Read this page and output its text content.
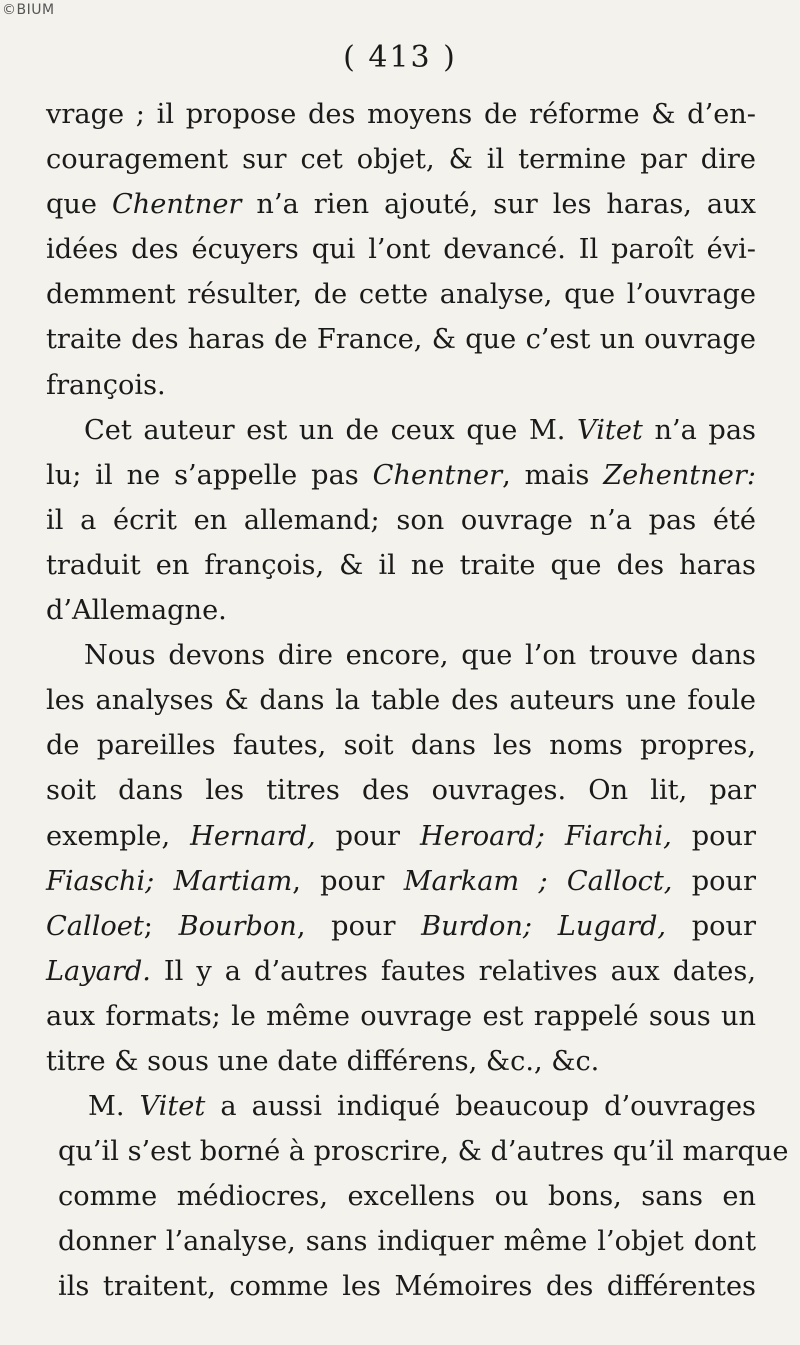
©BIUM
( 413 )
vrage ; il propose des moyens de réforme & d’en-
couragement sur cet objet, & il termine par dire
que Chentner n’a rien ajouté, sur les haras, aux
idées des écuyers qui l’ont devancé. Il paroît évi-
demment résulter, de cette analyse, que l’ouvrage
traite des haras de France, & que c’est un ouvrage
françois.
Cet auteur est un de ceux que M. Vitet n’a pas
lu; il ne s’appelle pas Chentner, mais Zehentner:
il a écrit en allemand; son ouvrage n’a pas été
traduit en françois, & il ne traite que des haras
d’Allemagne.
Nous devons dire encore, que l’on trouve dans
les analyses & dans la table des auteurs une foule
de pareilles fautes, soit dans les noms propres,
soit dans les titres des ouvrages. On lit, par
exemple, Hernard, pour Heroard; Fiarchi, pour
Fiaschi; Martiam, pour Markam ; Calloct, pour
Calloet; Bourbon, pour Burdon; Lugard, pour
Layard. Il y a d’autres fautes relatives aux dates,
aux formats; le même ouvrage est rappelé sous un
titre & sous une date différens, &c., &c.
M. Vitet a aussi indiqué beaucoup d’ouvrages
qu’il s’est borné à proscrire, & d’autres qu’il marque
comme médiocres, excellens ou bons, sans en
donner l’analyse, sans indiquer même l’objet dont
ils traitent, comme les Mémoires des différentes
